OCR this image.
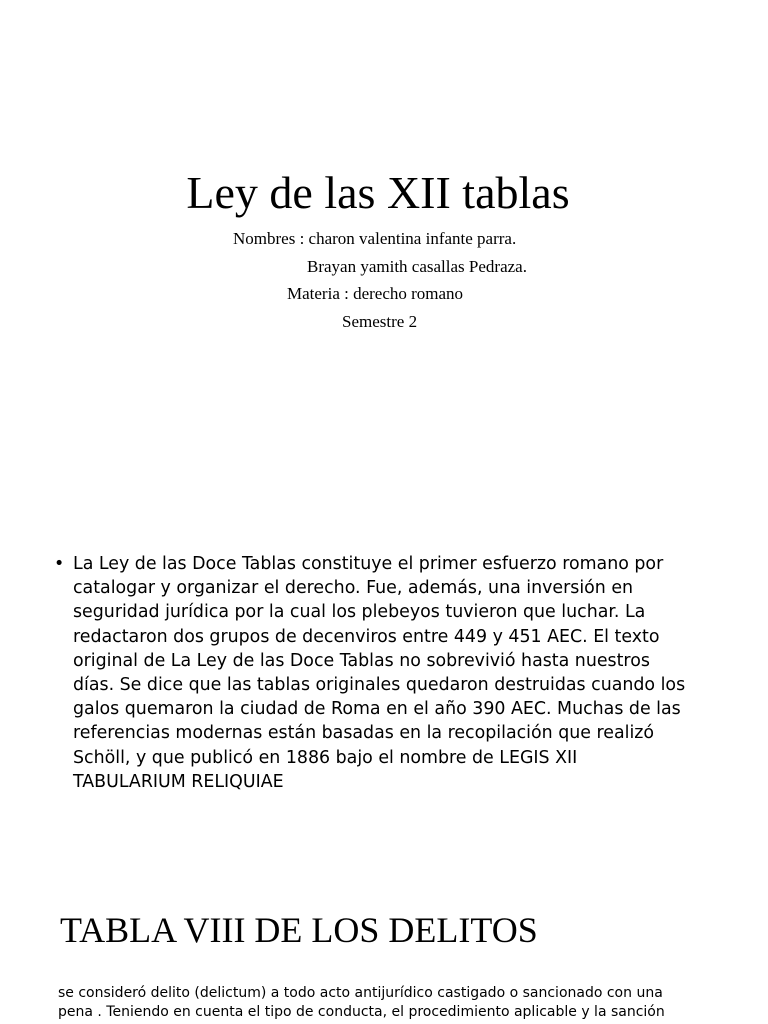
Ley de las XII tablas
Nombres : charon valentina infante parra.
Brayan yamith casallas Pedraza.
Materia : derecho romano
Semestre 2
• La Ley de las Doce Tablas constituye el primer esfuerzo romano por
catalogar y organizar el derecho. Fue, además, una inversión en
seguridad jurídica por la cual los plebeyos tuvieron que luchar. La
redactaron dos grupos de decenviros entre 449 y 451 AEC. El texto
original de La Ley de las Doce Tablas no sobrevivió hasta nuestros
días. Se dice que las tablas originales quedaron destruidas cuando los
galos quemaron la ciudad de Roma en el año 390 AEC. Muchas de las
referencias modernas están basadas en la recopilación que realizó
Schöll, y que publicó en 1886 bajo el nombre de LEGIS XII
TABULARIUM RELIQUIAE
TABLA VIII DE LOS DELITOS
se consideró delito (delictum) a todo acto antijurídico castigado o sancionado con una
pena . Teniendo en cuenta el tipo de conducta, el procedimiento aplicable y la sanción
